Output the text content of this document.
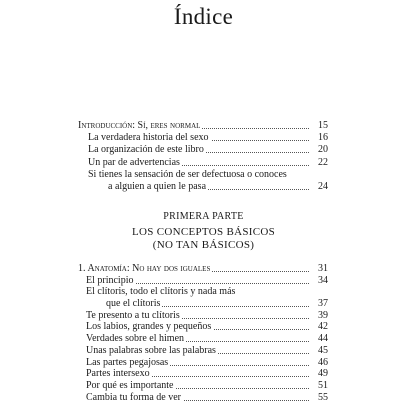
Índice
Introducción: Sí, eres normal	15
La verdadera historia del sexo	16
La organización de este libro	20
Un par de advertencias	22
Si tienes la sensación de ser defectuosa o conoces
a alguien a quien le pasa	24
PRIMERA PARTE
LOS CONCEPTOS BÁSICOS
(NO TAN BÁSICOS)
1. Anatomía: No hay dos iguales	31
El principio	34
El clítoris, todo el clítoris y nada más
que el clítoris	37
Te presento a tu clítoris	39
Los labios, grandes y pequeños	42
Verdades sobre el himen	44
Unas palabras sobre las palabras	45
Las partes pegajosas	46
Partes intersexo	49
Por qué es importante	51
Cambia tu forma de ver	55
